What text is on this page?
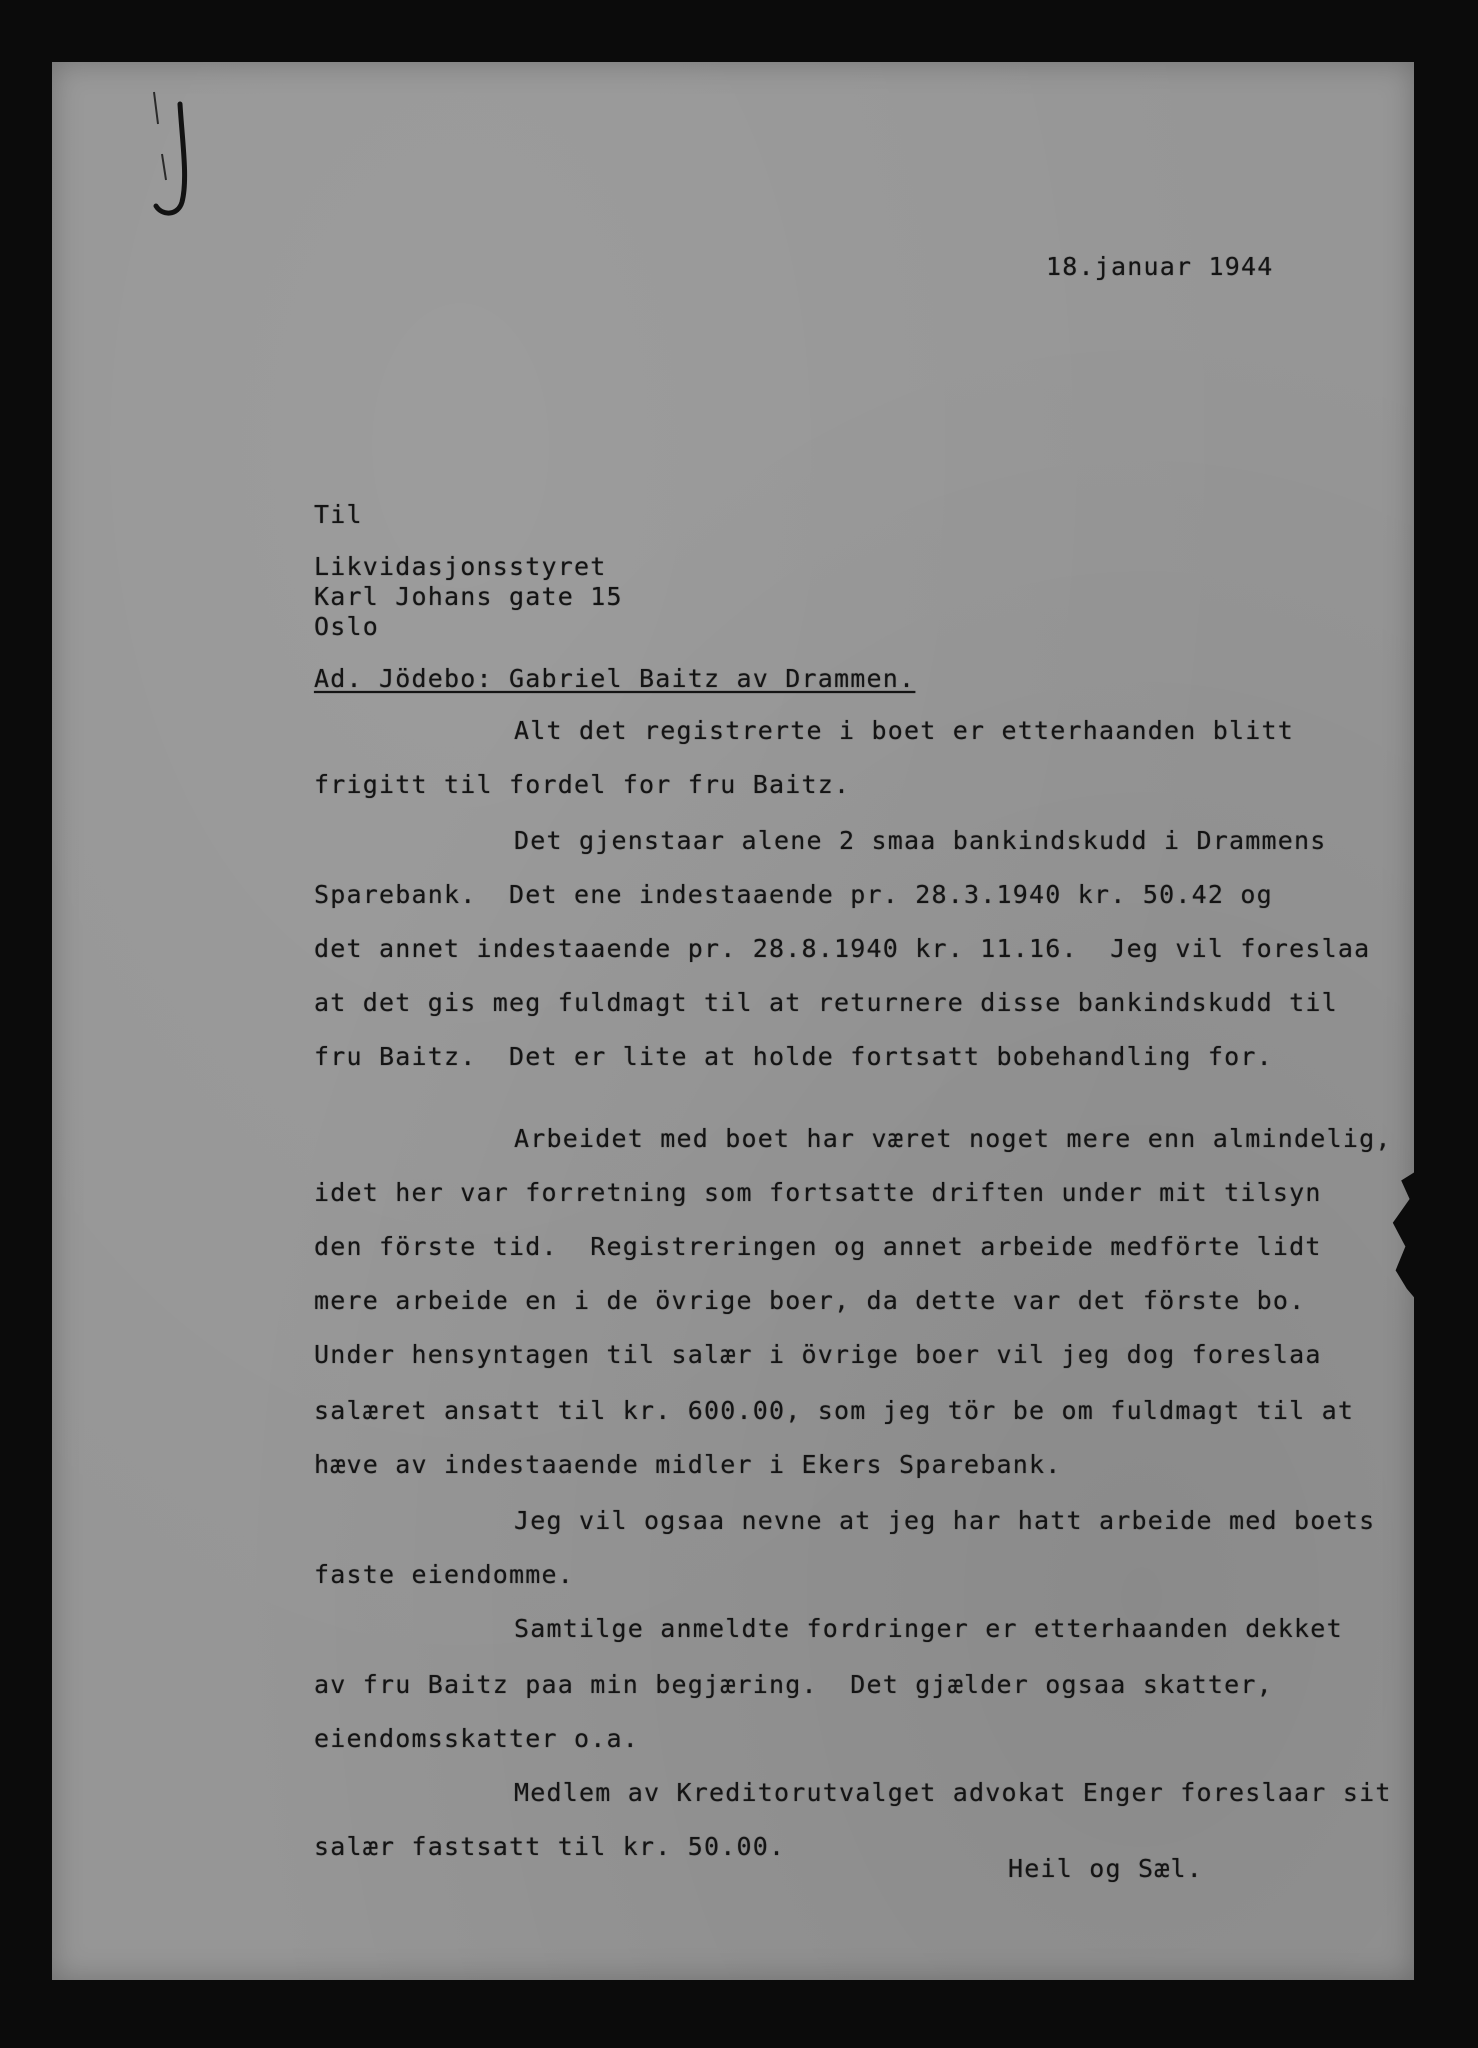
18.januar 1944
Til
Likvidasjonsstyret
Karl Johans gate 15
Oslo
Ad. Jödebo: Gabriel Baitz av Drammen.
Alt det registrerte i boet er etterhaanden blitt
frigitt til fordel for fru Baitz.
Det gjenstaar alene 2 smaa bankindskudd i Drammens
Sparebank.  Det ene indestaaende pr. 28.3.1940 kr. 50.42 og
det annet indestaaende pr. 28.8.1940 kr. 11.16.  Jeg vil foreslaa
at det gis meg fuldmagt til at returnere disse bankindskudd til
fru Baitz.  Det er lite at holde fortsatt bobehandling for.
Arbeidet med boet har været noget mere enn almindelig,
idet her var forretning som fortsatte driften under mit tilsyn
den förste tid.  Registreringen og annet arbeide medförte lidt
mere arbeide en i de övrige boer, da dette var det förste bo.
Under hensyntagen til salær i övrige boer vil jeg dog foreslaa
salæret ansatt til kr. 600.00, som jeg tör be om fuldmagt til at
hæve av indestaaende midler i Ekers Sparebank.
Jeg vil ogsaa nevne at jeg har hatt arbeide med boets
faste eiendomme.
Samtilge anmeldte fordringer er etterhaanden dekket
av fru Baitz paa min begjæring.  Det gjælder ogsaa skatter,
eiendomsskatter o.a.
Medlem av Kreditorutvalget advokat Enger foreslaar sit
salær fastsatt til kr. 50.00.
Heil og Sæl.
